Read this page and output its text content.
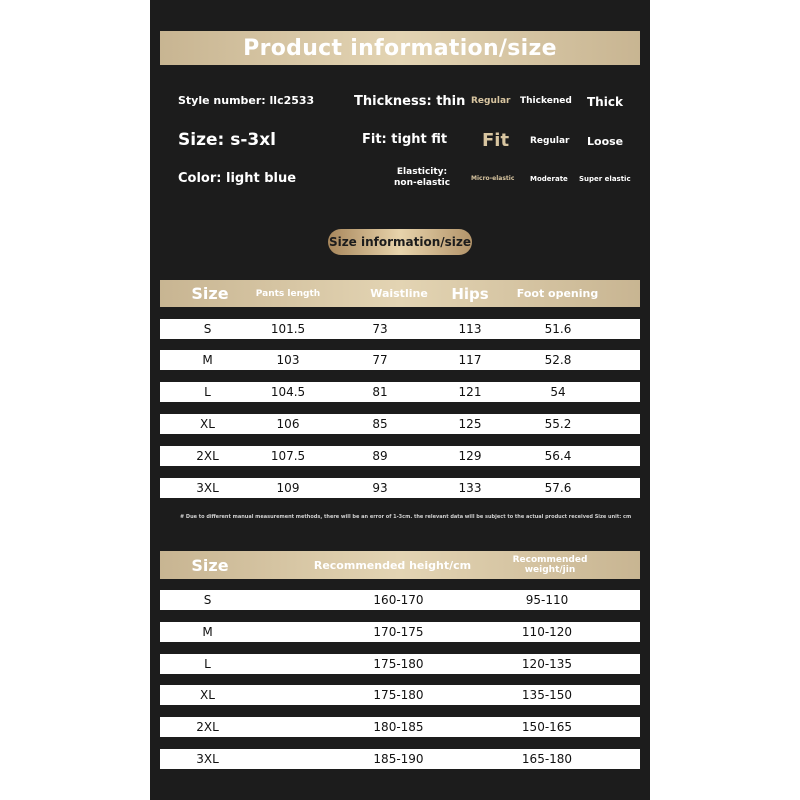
Product information/size
Style number: llc2533
Size: s-3xl
Color: light blue
Thickness: thin
Fit: tight fit
Elasticity:
non-elastic
Regular Thickened Thick
Fit Regular Loose
Micro-elastic Moderate Super elastic
Size information/size
Size	Pants length	Waistline	Hips	Foot opening
S	101.5	73	113	51.6
M	103	77	117	52.8
L	104.5	81	121	54
XL	106	85	125	55.2
2XL	107.5	89	129	56.4
3XL	109	93	133	57.6
# Due to different manual measurement methods, there will be an error of 1-3cm. the relevant data will be subject to the actual product received Size unit: cm
Size	Recommended height/cm	Recommended
weight/jin
S	160-170	95-110
M	170-175	110-120
L	175-180	120-135
XL	175-180	135-150
2XL	180-185	150-165
3XL	185-190	165-180
